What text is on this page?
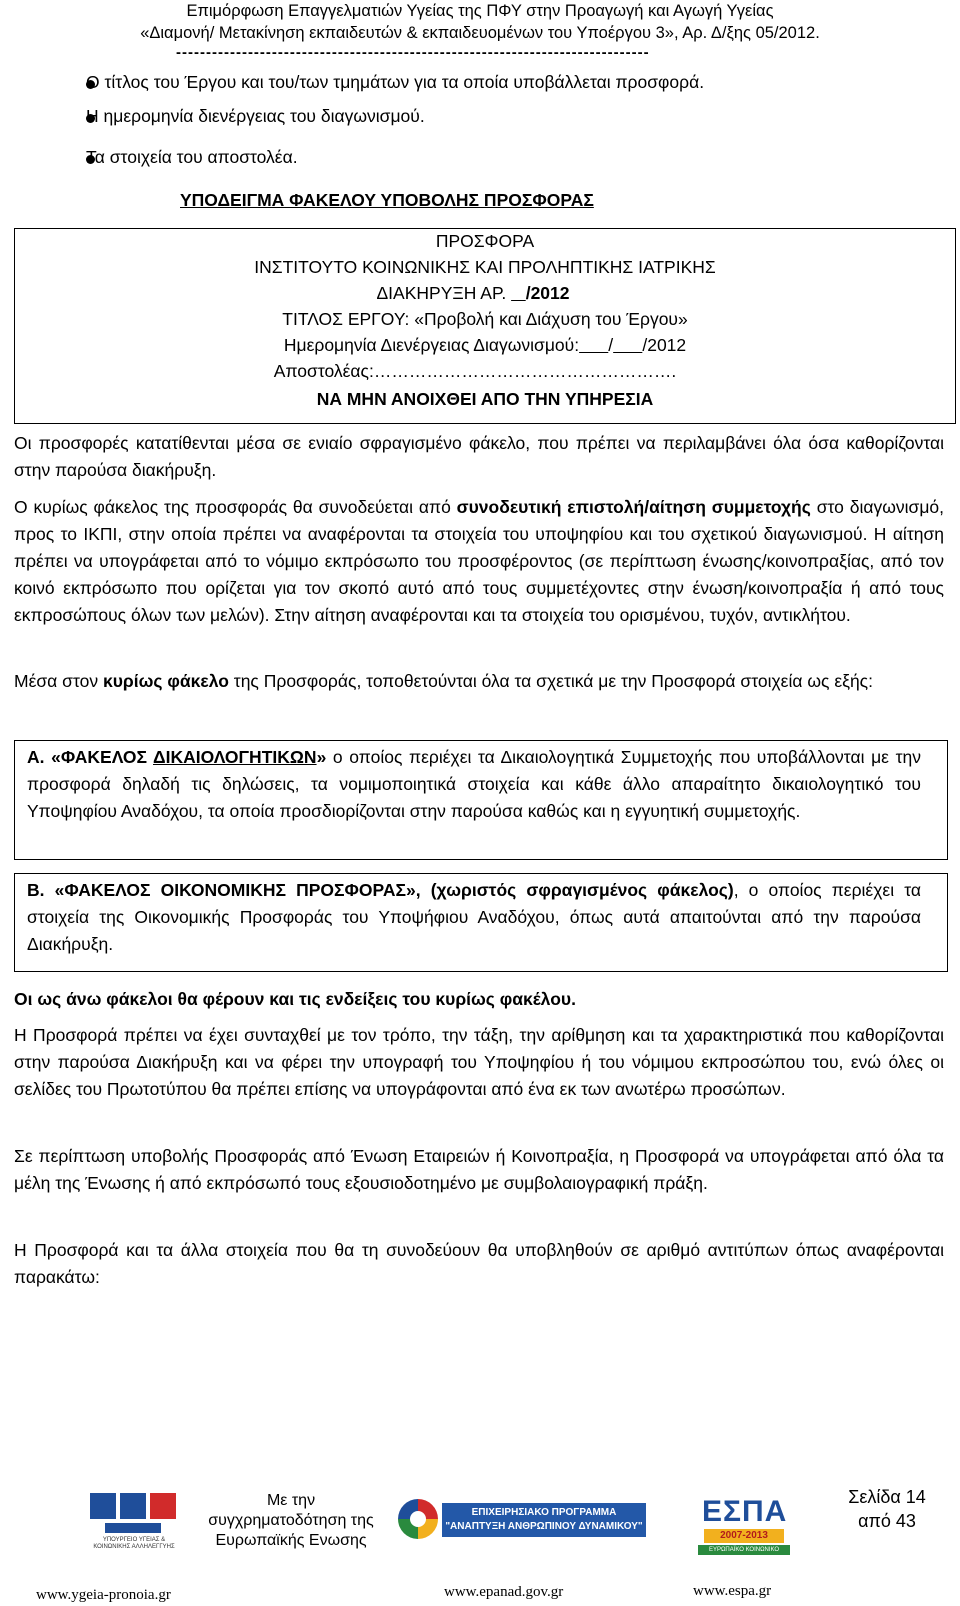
Επιμόρφωση Επαγγελματιών Υγείας της ΠΦΥ στην Προαγωγή και Αγωγή Υγείας
«Διαμονή/ Μετακίνηση εκπαιδευτών & εκπαιδευομένων του Υποέργου 3», Αρ. Δ/ξης 05/2012.
-------------------------------------------------------------------------------
Ο τίτλος του Έργου και του/των τμημάτων για τα οποία υποβάλλεται προσφορά.
Η ημερομηνία διενέργειας του διαγωνισμού.
Τα στοιχεία του αποστολέα.
ΥΠΟΔΕΙΓΜΑ ΦΑΚΕΛΟΥ ΥΠΟΒΟΛΗΣ ΠΡΟΣΦΟΡΑΣ
ΠΡΟΣΦΟΡΑ
ΙΝΣΤΙΤΟΥΤΟ ΚΟΙΝΩΝΙΚΗΣ ΚΑΙ ΠΡΟΛΗΠΤΙΚΗΣ ΙΑΤΡΙΚΗΣ
ΔΙΑΚΗΡΥΞΗ ΑΡ.    /2012
ΤΙΤΛΟΣ ΕΡΓΟΥ: «Προβολή και Διάχυση του Έργου»
Ημερομηνία Διενέργειας Διαγωνισμού: / /2012
Αποστολέας:…………………………………………….
ΝΑ ΜΗΝ ΑΝΟΙΧΘΕΙ ΑΠΟ ΤΗΝ ΥΠΗΡΕΣΙΑ
Οι προσφορές κατατίθενται μέσα σε ενιαίο σφραγισμένο φάκελο, που πρέπει να περιλαμβάνει όλα όσα καθορίζονται στην παρούσα διακήρυξη.
Ο κυρίως φάκελος της προσφοράς θα συνοδεύεται από συνοδευτική επιστολή/αίτηση συμμετοχής στο διαγωνισμό, προς το ΙΚΠΙ, στην οποία πρέπει να αναφέρονται τα στοιχεία του υποψηφίου και του σχετικού διαγωνισμού. Η αίτηση πρέπει να υπογράφεται από το νόμιμο εκπρόσωπο του προσφέροντος (σε περίπτωση ένωσης/κοινοπραξίας, από τον κοινό εκπρόσωπο που ορίζεται για τον σκοπό αυτό από τους συμμετέχοντες στην ένωση/κοινοπραξία ή από τους εκπροσώπους όλων των μελών). Στην αίτηση αναφέρονται και τα στοιχεία του ορισμένου, τυχόν, αντικλήτου.
Μέσα στον κυρίως φάκελο της Προσφοράς, τοποθετούνται όλα τα σχετικά με την Προσφορά στοιχεία ως εξής:
Α. «ΦΑΚΕΛΟΣ ΔΙΚΑΙΟΛΟΓΗΤΙΚΩΝ» ο οποίος περιέχει τα Δικαιολογητικά Συμμετοχής που υποβάλλονται με την προσφορά δηλαδή τις δηλώσεις, τα νομιμοποιητικά στοιχεία και κάθε άλλο απαραίτητο δικαιολογητικό του Υποψηφίου Αναδόχου, τα οποία προσδιορίζονται στην παρούσα καθώς και η εγγυητική συμμετοχής.
Β. «ΦΑΚΕΛΟΣ ΟΙΚΟΝΟΜΙΚΗΣ ΠΡΟΣΦΟΡΑΣ», (χωριστός σφραγισμένος φάκελος), ο οποίος περιέχει τα στοιχεία της Οικονομικής Προσφοράς του Υποψήφιου Αναδόχου, όπως αυτά απαιτούνται από την παρούσα Διακήρυξη.
Οι ως άνω φάκελοι θα φέρουν και τις ενδείξεις του κυρίως φακέλου.
Η Προσφορά πρέπει να έχει συνταχθεί με τον τρόπο, την τάξη, την αρίθμηση και τα χαρακτηριστικά που καθορίζονται στην παρούσα Διακήρυξη και να φέρει την υπογραφή του Υποψηφίου ή του νόμιμου εκπροσώπου του, ενώ όλες οι σελίδες του Πρωτοτύπου θα πρέπει επίσης να υπογράφονται από ένα εκ των ανωτέρω προσώπων.
Σε περίπτωση υποβολής Προσφοράς από Ένωση Εταιρειών ή Κοινοπραξία, η Προσφορά να υπογράφεται από όλα τα μέλη της Ένωσης ή από εκπρόσωπό τους εξουσιοδοτημένο με συμβολαιογραφική πράξη.
Η Προσφορά και τα άλλα στοιχεία που θα τη συνοδεύουν θα υποβληθούν σε αριθμό αντιτύπων όπως αναφέρονται παρακάτω:
ΥΠΟΥΡΓΕΙΟ ΥΓΕΙΑΣ & ΚΟΙΝΩΝΙΚΗΣ ΑΛΛΗΛΕΓΓΥΗΣ
www.ygeia-pronoia.gr
Με την συγχρηματοδότηση της Ευρωπαϊκής Ενωσης
ΕΠΙΧΕΙΡΗΣΙΑΚΟ ΠΡΟΓΡΑΜΜΑ "ΑΝΑΠΤΥΞΗ ΑΝΘΡΩΠΙΝΟΥ ΔΥΝΑΜΙΚΟΥ"
www.epanad.gov.gr
ΕΣΠΑ
2007-2013
ΕΥΡΩΠΑΪΚΟ ΚΟΙΝΩΝΙΚΟ ΤΑΜΕΙΟ
www.espa.gr
Σελίδα 14
από 43
